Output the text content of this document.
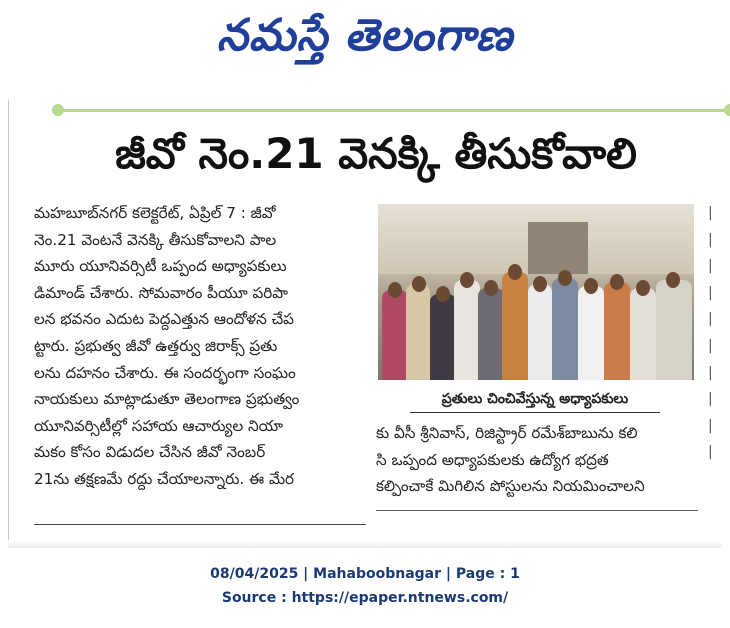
నమస్తే తెలంగాణ
జీవో నెం.21 వెనక్కి తీసుకోవాలి
మహబూబ్‌నగర్ కలెక్టరేట్, ఏప్రిల్ 7 : జీవో
నెం.21 వెంటనే వెనక్కి తీసుకోవాలని పాల
మూరు యూనివర్సిటీ ఒప్పంద అధ్యాపకులు
డిమాండ్ చేశారు. సోమవారం పీయూ పరిపా
లన భవనం ఎదుట పెద్దఎత్తున ఆందోళన చేప
ట్టారు. ప్రభుత్వ జీవో ఉత్తర్వు జిరాక్స్ ప్రతు
లను దహనం చేశారు. ఈ సందర్భంగా సంఘం
నాయకులు మాట్లాడుతూ తెలంగాణ ప్రభుత్వం
యూనివర్సిటీల్లో సహాయ ఆచార్యుల నియా
మకం కోసం విడుదల చేసిన జీవో నెంబర్
21ను తక్షణమే రద్దు చేయాలన్నారు. ఈ మేర
ప్రతులు చించివేస్తున్న అధ్యాపకులు
కు వీసీ శ్రీనివాస్, రిజిస్ట్రార్ రమేశ్‌బాబును కలి
సి ఒప్పంద అధ్యాపకులకు ఉద్యోగ భద్రత
కల్పించాకే మిగిలిన పోస్టులను నియమించాలని
|
|
|
|
|
|
|
|
|
|
08/04/2025 | Mahaboobnagar | Page : 1
Source : https://epaper.ntnews.com/
